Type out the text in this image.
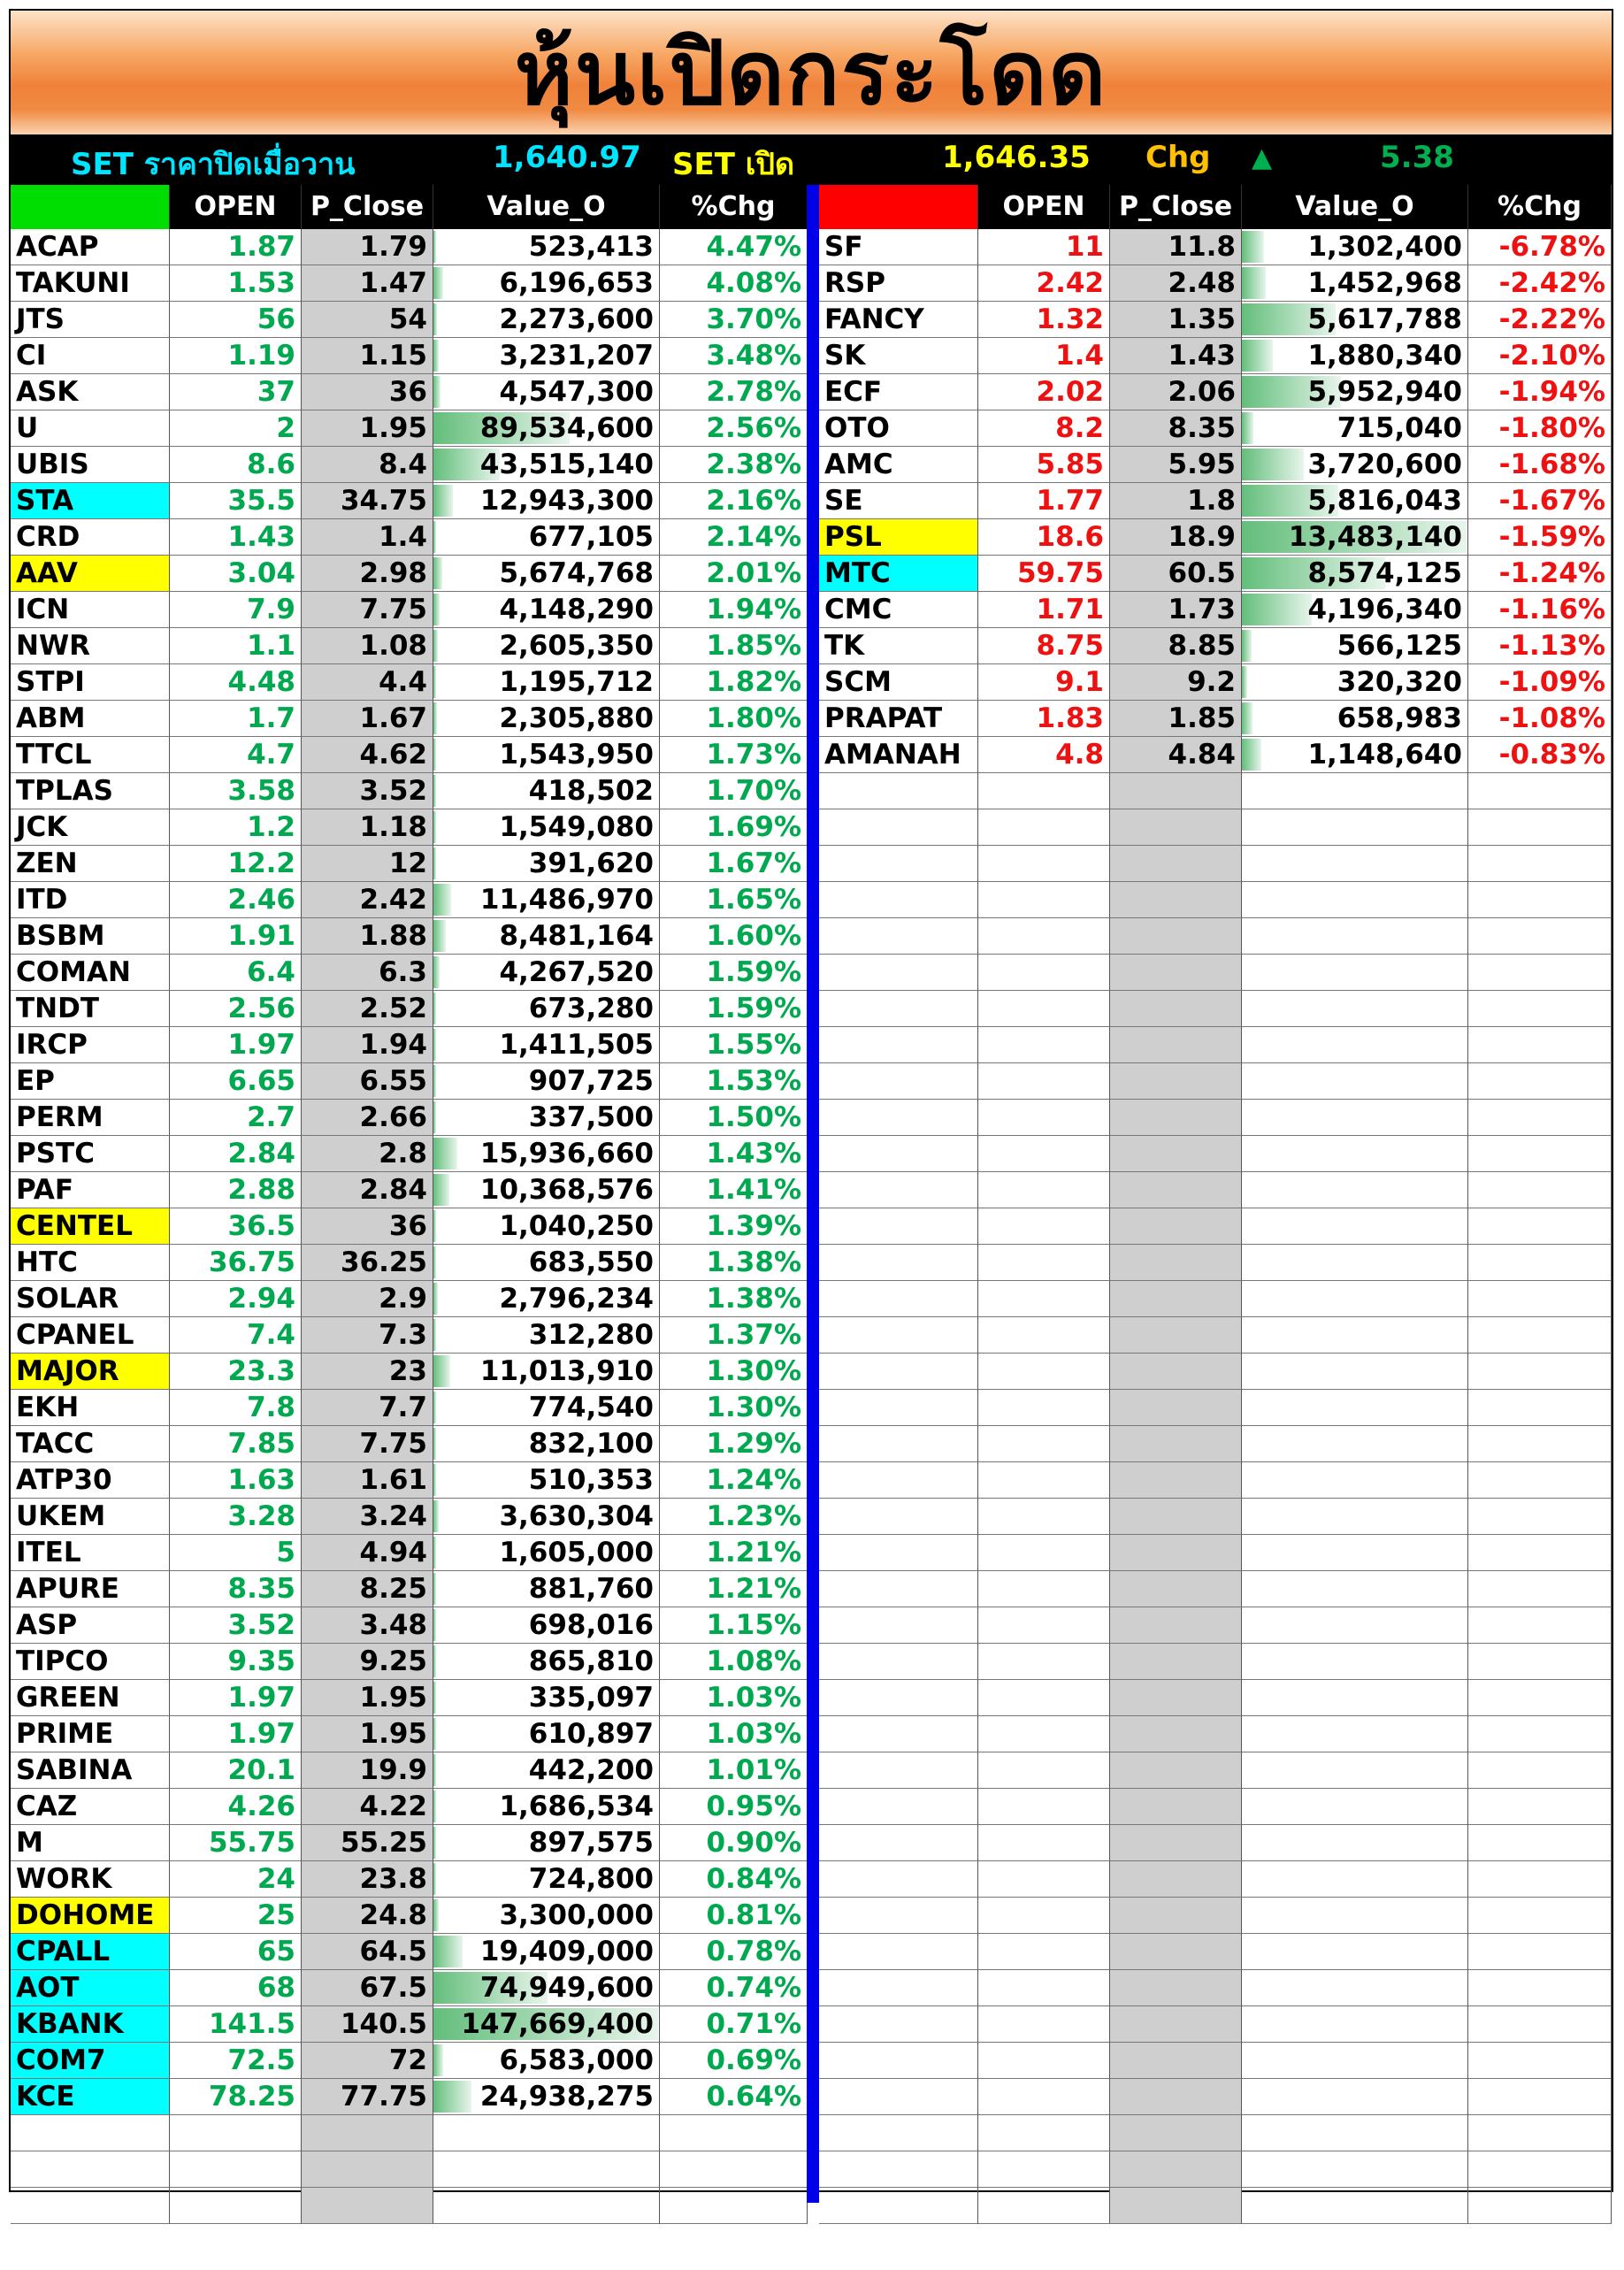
หุ้นเปิดกระโดด
SET ราคาปิดเมื่อวาน	1,640.97 SET เปิด	1,646.35 Chg ▲	5.38
OPEN	P_Close	Value_O	%Chg
ACAP	1.87	1.79	523,413	4.47%
TAKUNI	1.53	1.47	6,196,653	4.08%
JTS	56	54	2,273,600	3.70%
CI	1.19	1.15	3,231,207	3.48%
ASK	37	36	4,547,300	2.78%
U	2	1.95	89,534,600	2.56%
UBIS	8.6	8.4	43,515,140	2.38%
STA	35.5	34.75	12,943,300	2.16%
CRD	1.43	1.4	677,105	2.14%
AAV	3.04	2.98	5,674,768	2.01%
ICN	7.9	7.75	4,148,290	1.94%
NWR	1.1	1.08	2,605,350	1.85%
STPI	4.48	4.4	1,195,712	1.82%
ABM	1.7	1.67	2,305,880	1.80%
TTCL	4.7	4.62	1,543,950	1.73%
TPLAS	3.58	3.52	418,502	1.70%
JCK	1.2	1.18	1,549,080	1.69%
ZEN	12.2	12	391,620	1.67%
ITD	2.46	2.42	11,486,970	1.65%
BSBM	1.91	1.88	8,481,164	1.60%
COMAN	6.4	6.3	4,267,520	1.59%
TNDT	2.56	2.52	673,280	1.59%
IRCP	1.97	1.94	1,411,505	1.55%
EP	6.65	6.55	907,725	1.53%
PERM	2.7	2.66	337,500	1.50%
PSTC	2.84	2.8	15,936,660	1.43%
PAF	2.88	2.84	10,368,576	1.41%
CENTEL	36.5	36	1,040,250	1.39%
HTC	36.75	36.25	683,550	1.38%
SOLAR	2.94	2.9	2,796,234	1.38%
CPANEL	7.4	7.3	312,280	1.37%
MAJOR	23.3	23	11,013,910	1.30%
EKH	7.8	7.7	774,540	1.30%
TACC	7.85	7.75	832,100	1.29%
ATP30	1.63	1.61	510,353	1.24%
UKEM	3.28	3.24	3,630,304	1.23%
ITEL	5	4.94	1,605,000	1.21%
APURE	8.35	8.25	881,760	1.21%
ASP	3.52	3.48	698,016	1.15%
TIPCO	9.35	9.25	865,810	1.08%
GREEN	1.97	1.95	335,097	1.03%
PRIME	1.97	1.95	610,897	1.03%
SABINA	20.1	19.9	442,200	1.01%
CAZ	4.26	4.22	1,686,534	0.95%
M	55.75	55.25	897,575	0.90%
WORK	24	23.8	724,800	0.84%
DOHOME	25	24.8	3,300,000	0.81%
CPALL	65	64.5	19,409,000	0.78%
AOT	68	67.5	74,949,600	0.74%
KBANK	141.5	140.5	147,669,400	0.71%
COM7	72.5	72	6,583,000	0.69%
KCE	78.25	77.75	24,938,275	0.64%
OPEN	P_Close	Value_O	%Chg
SF	11	11.8	1,302,400	-6.78%
RSP	2.42	2.48	1,452,968	-2.42%
FANCY	1.32	1.35	5,617,788	-2.22%
SK	1.4	1.43	1,880,340	-2.10%
ECF	2.02	2.06	5,952,940	-1.94%
OTO	8.2	8.35	715,040	-1.80%
AMC	5.85	5.95	3,720,600	-1.68%
SE	1.77	1.8	5,816,043	-1.67%
PSL	18.6	18.9	13,483,140	-1.59%
MTC	59.75	60.5	8,574,125	-1.24%
CMC	1.71	1.73	4,196,340	-1.16%
TK	8.75	8.85	566,125	-1.13%
SCM	9.1	9.2	320,320	-1.09%
PRAPAT	1.83	1.85	658,983	-1.08%
AMANAH	4.8	4.84	1,148,640	-0.83%
